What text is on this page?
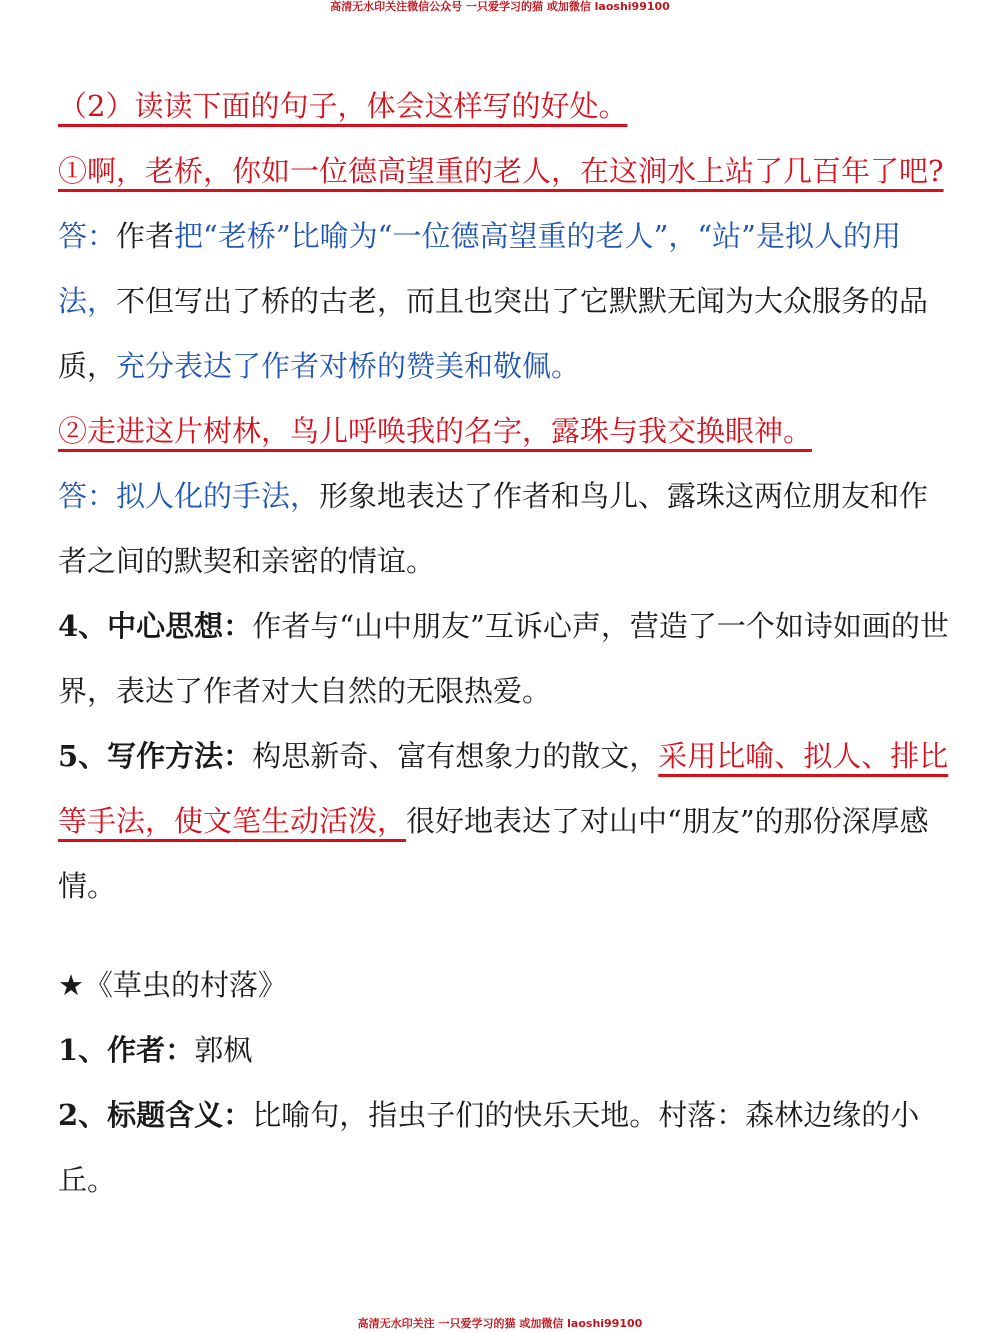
高清无水印关注微信公众号 一只爱学习的猫 或加微信 laoshi99100

（2）读读下面的句子，体会这样写的好处。

①啊，老桥，你如一位德高望重的老人，在这涧水上站了几百年了吧?

答：作者把“老桥”比喻为“一位德高望重的老人”，“站”是拟人的用法，不但写出了桥的古老，而且也突出了它默默无闻为大众服务的品质，充分表达了作者对桥的赞美和敬佩。

②走进这片树林，鸟儿呼唤我的名字，露珠与我交换眼神。

答：拟人化的手法，形象地表达了作者和鸟儿、露珠这两位朋友和作者之间的默契和亲密的情谊。

4、中心思想：作者与“山中朋友”互诉心声，营造了一个如诗如画的世界，表达了作者对大自然的无限热爱。

5、写作方法：构思新奇、富有想象力的散文，采用比喻、拟人、排比等手法，使文笔生动活泼，很好地表达了对山中“朋友”的那份深厚感情。

★《草虫的村落》

1、作者：郭枫

2、标题含义：比喻句，指虫子们的快乐天地。村落：森林边缘的小丘。

高清无水印关注 一只爱学习的猫 或加微信 laoshi99100
